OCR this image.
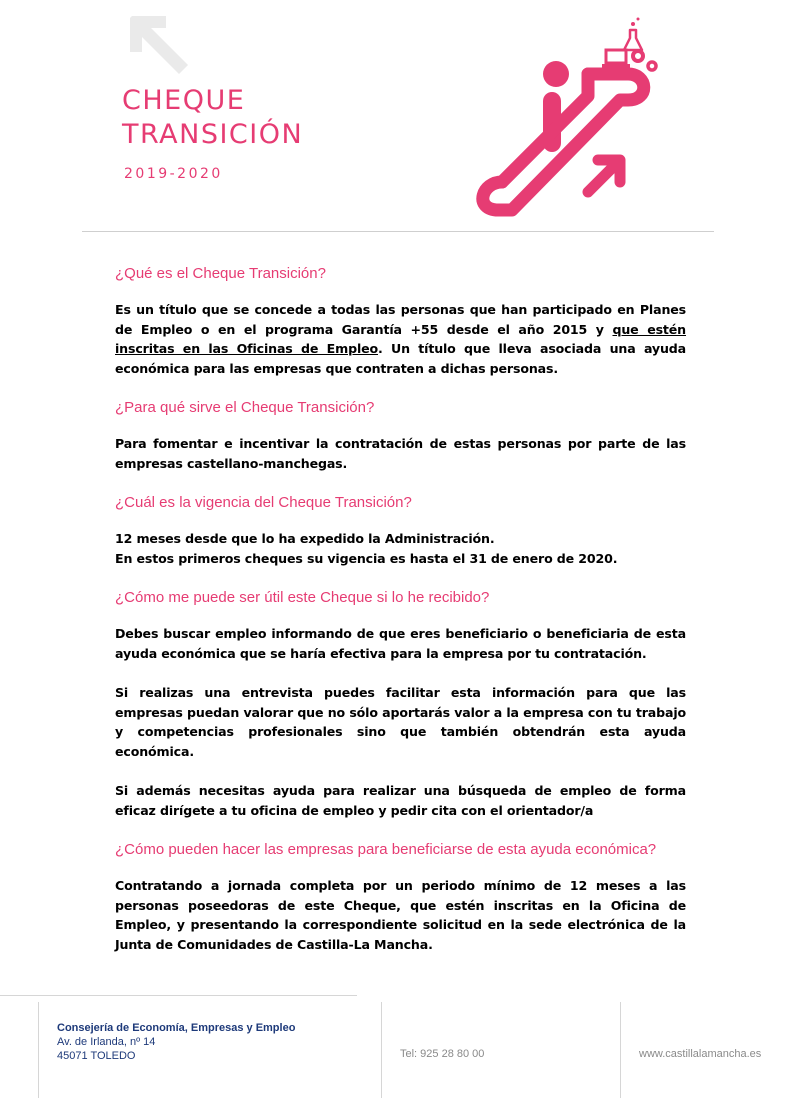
CHEQUE
TRANSICIÓN
2019-2020
¿Qué es el Cheque Transición?

Es un título que se concede a todas las personas que han participado en Planes de Empleo o en el programa Garantía +55 desde el año 2015 y que estén inscritas en las Oficinas de Empleo. Un título que lleva asociada una ayuda económica para las empresas que contraten a dichas personas.

¿Para qué sirve el Cheque Transición?

Para fomentar e incentivar la contratación de estas personas por parte de las empresas castellano-manchegas.

¿Cuál es la vigencia del Cheque Transición?

12 meses desde que lo ha expedido la Administración.
En estos primeros cheques su vigencia es hasta el 31 de enero de 2020.

¿Cómo me puede ser útil este Cheque si lo he recibido?

Debes buscar empleo informando de que eres beneficiario o beneficiaria de esta ayuda económica que se haría efectiva para la empresa por tu contratación.

Si realizas una entrevista puedes facilitar esta información para que las empresas puedan valorar que no sólo aportarás valor a la empresa con tu trabajo y competencias profesionales sino que también obtendrán esta ayuda económica.

Si además necesitas ayuda para realizar una búsqueda de empleo de forma eficaz dirígete a tu oficina de empleo y pedir cita con el orientador/a

¿Cómo pueden hacer las empresas para beneficiarse de esta ayuda económica?

Contratando a jornada completa por un periodo mínimo de 12 meses a las personas poseedoras de este Cheque, que estén inscritas en la Oficina de Empleo, y presentando la correspondiente solicitud en la sede electrónica de la Junta de Comunidades de Castilla-La Mancha.

Consejería de Economía, Empresas y Empleo
Av. de Irlanda, nº 14
45071 TOLEDO	Tel: 925 28 80 00	www.castillalamancha.es
